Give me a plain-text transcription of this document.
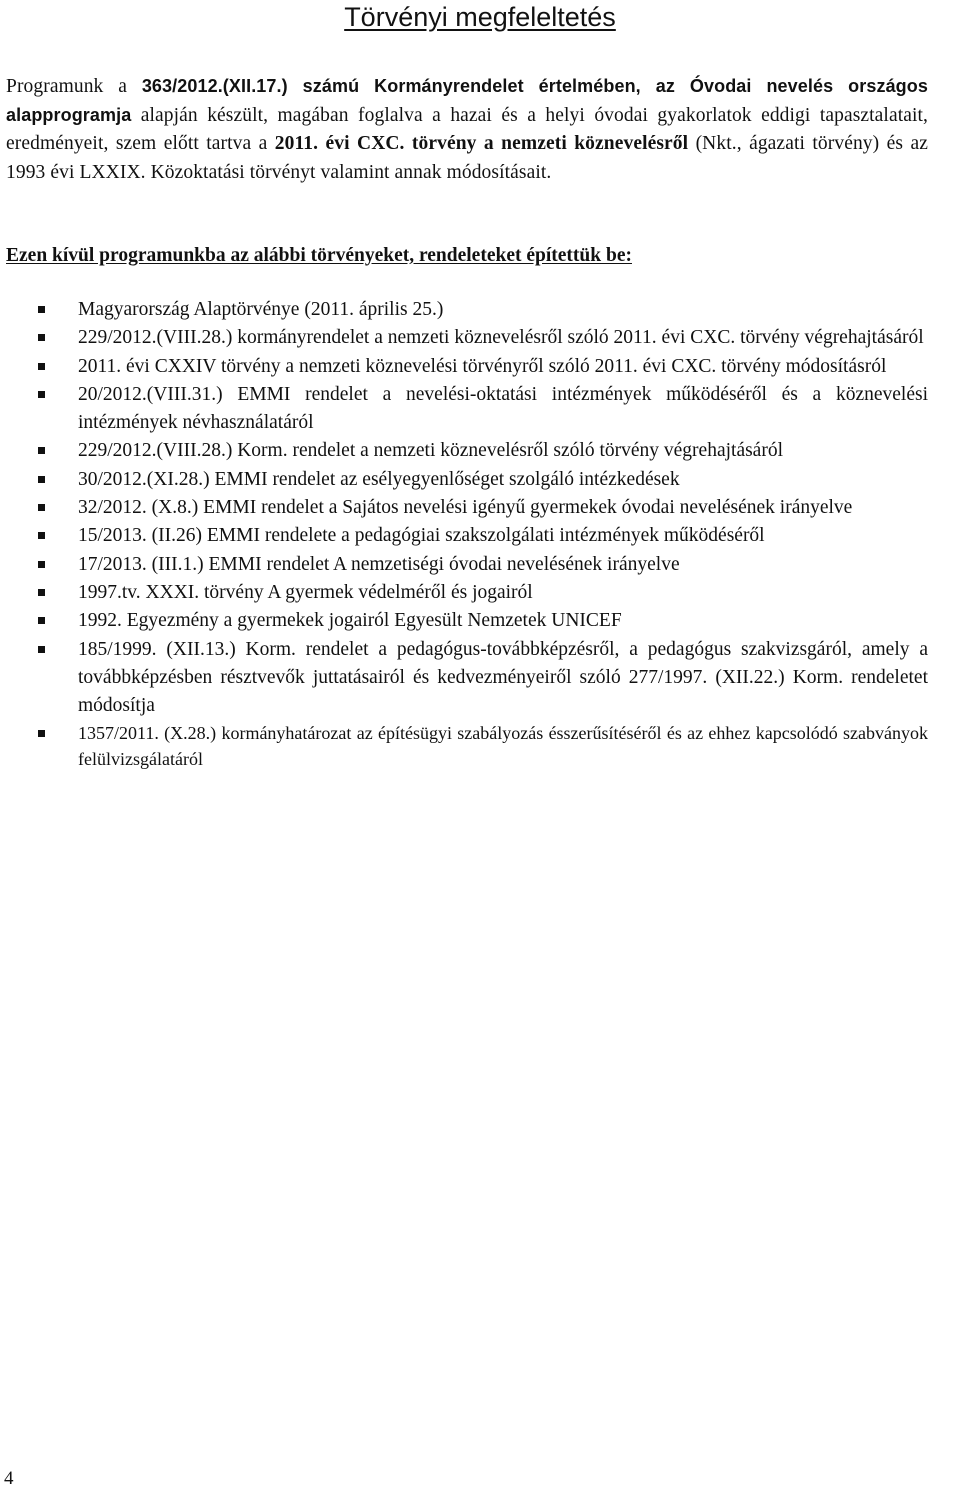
Törvényi megfeleltetés

Programunk a 363/2012.(XII.17.) számú Kormányrendelet értelmében, az Óvodai nevelés országos alapprogramja alapján készült, magában foglalva a hazai és a helyi óvodai gyakorlatok eddigi tapasztalatait, eredményeit, szem előtt tartva a 2011. évi CXC. törvény a nemzeti köznevelésről (Nkt., ágazati törvény) és az 1993 évi LXXIX. Közoktatási törvényt valamint annak módosításait.

Ezen kívül programunkba az alábbi törvényeket, rendeleteket építettük be:

Magyarország Alaptörvénye (2011. április 25.)
229/2012.(VIII.28.) kormányrendelet a nemzeti köznevelésről szóló 2011. évi CXC. törvény végrehajtásáról
2011. évi CXXIV törvény a nemzeti köznevelési törvényről szóló 2011. évi CXC. törvény módosításról
20/2012.(VIII.31.) EMMI rendelet a nevelési-oktatási intézmények működéséről és a köznevelési intézmények névhasználatáról
229/2012.(VIII.28.) Korm. rendelet a nemzeti köznevelésről szóló törvény végrehajtásáról
30/2012.(XI.28.) EMMI rendelet az esélyegyenlőséget szolgáló intézkedések
32/2012. (X.8.) EMMI rendelet a Sajátos nevelési igényű gyermekek óvodai nevelésének irányelve
15/2013. (II.26) EMMI rendelete a pedagógiai szakszolgálati intézmények működéséről
17/2013. (III.1.) EMMI rendelet A nemzetiségi óvodai nevelésének irányelve
1997.tv. XXXI. törvény A gyermek védelméről és jogairól
1992. Egyezmény a gyermekek jogairól Egyesült Nemzetek UNICEF
185/1999. (XII.13.) Korm. rendelet a pedagógus-továbbképzésről, a pedagógus szakvizsgáról, amely a továbbképzésben résztvevők juttatásairól és kedvezményeiről szóló 277/1997. (XII.22.) Korm. rendeletet módosítja
1357/2011. (X.28.) kormányhatározat az építésügyi szabályozás ésszerűsítéséről és az ehhez kapcsolódó szabványok felülvizsgálatáról

4
